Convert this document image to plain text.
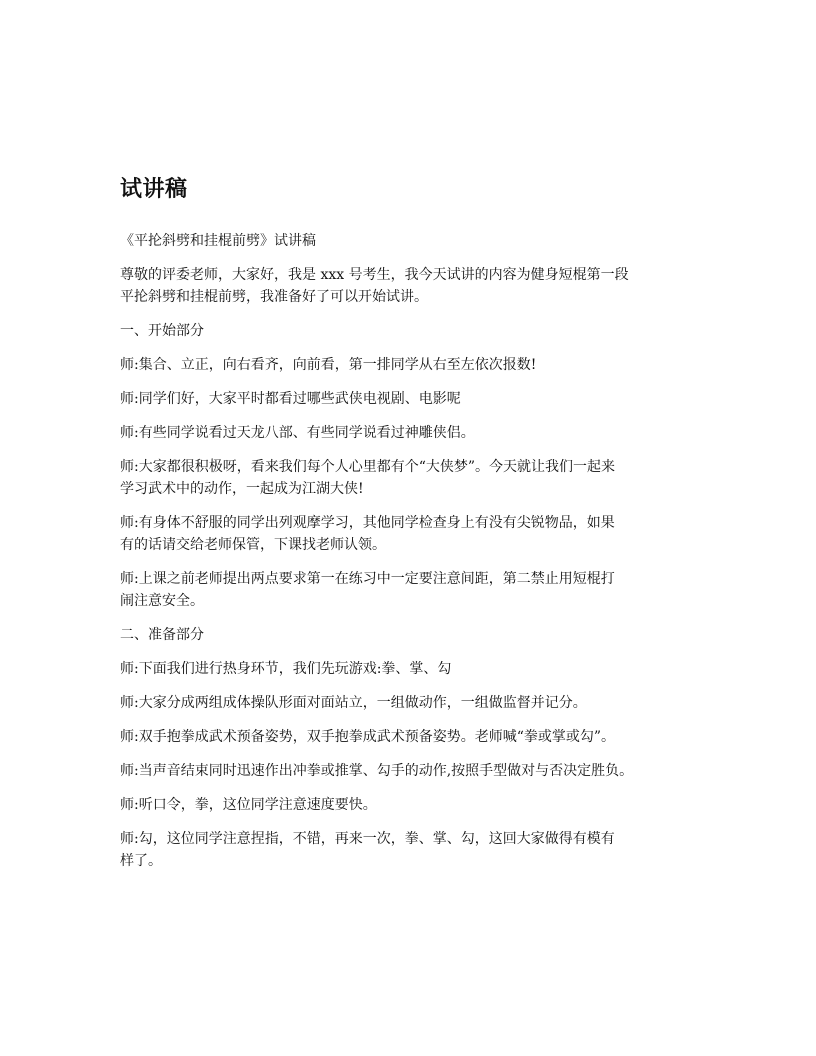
试讲稿

《平抡斜劈和挂棍前劈》试讲稿

尊敬的评委老师，大家好，我是 xxx 号考生，我今天试讲的内容为健身短棍第一段
平抡斜劈和挂棍前劈，我准备好了可以开始试讲。

一、开始部分

师:集合、立正，向右看齐，向前看，第一排同学从右至左依次报数!

师:同学们好，大家平时都看过哪些武侠电视剧、电影呢

师:有些同学说看过天龙八部、有些同学说看过神雕侠侣。

师:大家都很积极呀，看来我们每个人心里都有个“大侠梦”。今天就让我们一起来
学习武术中的动作，一起成为江湖大侠!

师:有身体不舒服的同学出列观摩学习，其他同学检查身上有没有尖锐物品，如果
有的话请交给老师保管，下课找老师认领。

师:上课之前老师提出两点要求第一在练习中一定要注意间距，第二禁止用短棍打
闹注意安全。

二、准备部分

师:下面我们进行热身环节，我们先玩游戏:拳、掌、勾

师:大家分成两组成体操队形面对面站立，一组做动作，一组做监督并记分。

师:双手抱拳成武术预备姿势，双手抱拳成武术预备姿势。老师喊“拳或掌或勾”。

师:当声音结束同时迅速作出冲拳或推掌、勾手的动作,按照手型做对与否决定胜负。

师:听口令，拳，这位同学注意速度要快。

师:勾，这位同学注意捏指，不错，再来一次，拳、掌、勾，这回大家做得有模有
样了。
